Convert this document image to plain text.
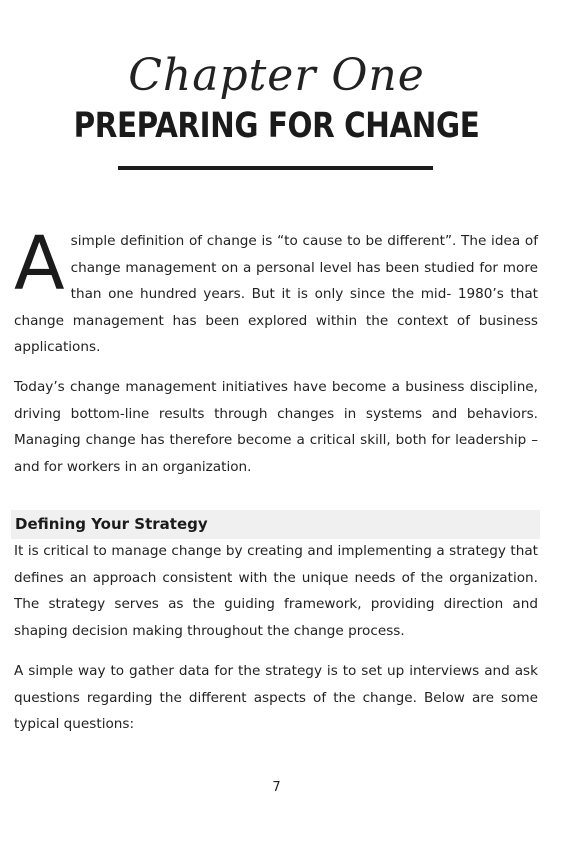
Chapter One
PREPARING FOR CHANGE
A simple definition of change is “to cause to be different”. The idea of change management on a personal level has been studied for more than one hundred years. But it is only since the mid- 1980’s that change management has been explored within the context of business applications.
Today’s change management initiatives have become a business discipline, driving bottom-line results through changes in systems and behaviors. Managing change has therefore become a critical skill, both for leadership – and for workers in an organization.
Defining Your Strategy
It is critical to manage change by creating and implementing a strategy that defines an approach consistent with the unique needs of the organization. The strategy serves as the guiding framework, providing direction and shaping decision making throughout the change process.
A simple way to gather data for the strategy is to set up interviews and ask questions regarding the different aspects of the change. Below are some typical questions:
7
